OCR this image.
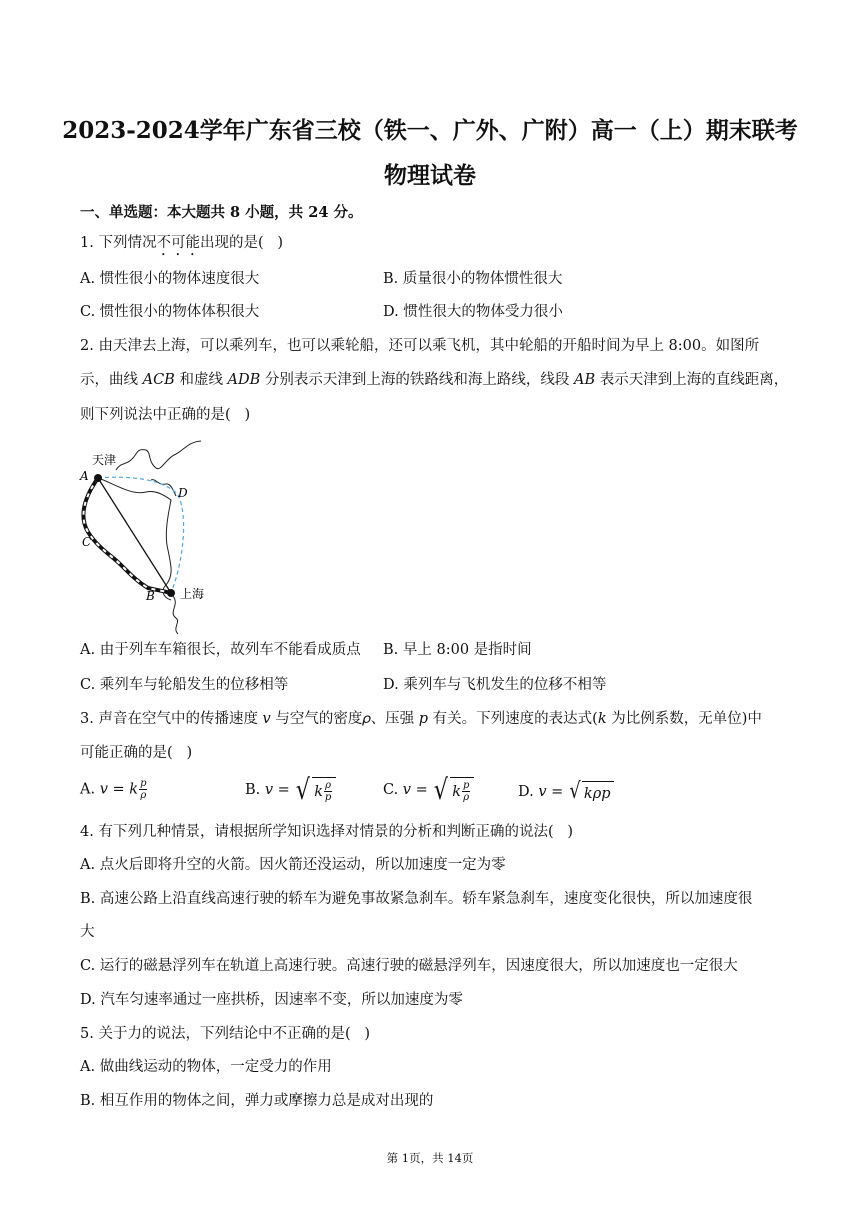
2023-2024学年广东省三校（铁一、广外、广附）高一（上）期末联考
物理试卷
一、单选题：本大题共 8 小题，共 24 分。
1. 下列情况不可能出现的是(   )
A. 惯性很小的物体速度很大	B. 质量很小的物体惯性很大
C. 惯性很小的物体体积很大	D. 惯性很大的物体受力很小
2. 由天津去上海，可以乘列车，也可以乘轮船，还可以乘飞机，其中轮船的开船时间为早上 8:00。如图所
示，曲线 𝐴𝐶𝐵 和虚线 𝐴𝐷𝐵 分别表示天津到上海的铁路线和海上路线，线段 𝐴𝐵 表示天津到上海的直线距离，
则下列说法中正确的是(   )
天津
A
D
C
B 上海
A. 由于列车车箱很长，故列车不能看成质点 B. 早上 8:00 是指时间
C. 乘列车与轮船发生的位移相等	D. 乘列车与飞机发生的位移不相等
3. 声音在空气中的传播速度 𝑣 与空气的密度𝜌、压强 𝑝 有关。下列速度的表达式(𝑘 为比例系数，无单位)中
可能正确的是(   )
A. 𝑣 = 𝑘 $\frac{\text{𝑝}}{\text{𝜌}}$	B. 𝑣 = √ 𝑘 $\frac{\text{𝜌}}{\text{𝑝}}$	C. 𝑣 = √ 𝑘 $\frac{\text{𝑝}}{\text{𝜌}}$	D. 𝑣 = √ 𝑘𝜌𝑝
4. 有下列几种情景，请根据所学知识选择对情景的分析和判断正确的说法(   )
A. 点火后即将升空的火箭。因火箭还没运动，所以加速度一定为零
B. 高速公路上沿直线高速行驶的轿车为避免事故紧急刹车。轿车紧急刹车，速度变化很快，所以加速度很
大
C. 运行的磁悬浮列车在轨道上高速行驶。高速行驶的磁悬浮列车，因速度很大，所以加速度也一定很大
D. 汽车匀速率通过一座拱桥，因速率不变，所以加速度为零
5. 关于力的说法，下列结论中不正确的是(   )
A. 做曲线运动的物体，一定受力的作用
B. 相互作用的物体之间，弹力或摩擦力总是成对出现的
第 1页，共 14页
